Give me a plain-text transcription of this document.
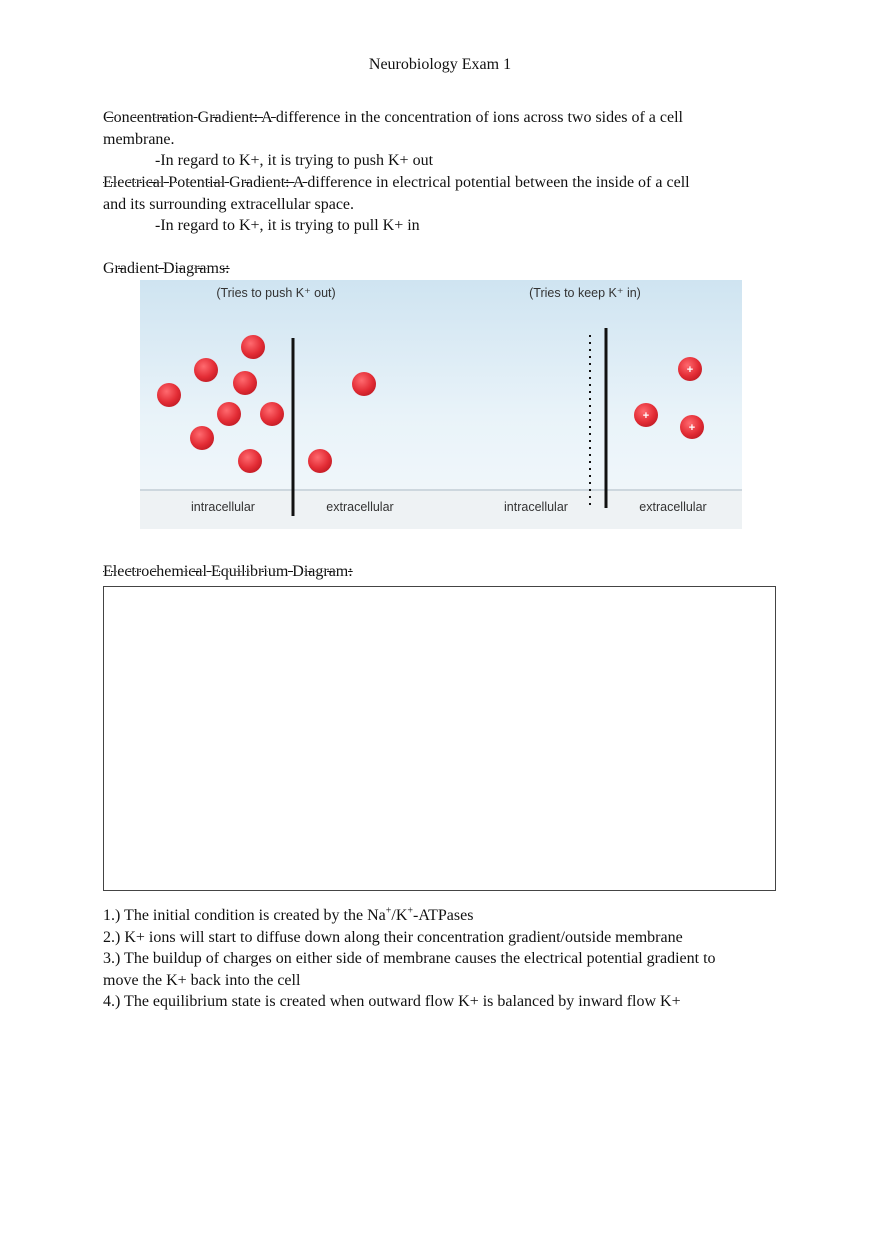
Neurobiology Exam 1
Concentration Gradient: A difference in the concentration of ions across two sides of a cell
membrane.
-In regard to K+, it is trying to push K+ out
Electrical Potential Gradient: A difference in electrical potential between the inside of a cell
and its surrounding extracellular space.
-In regard to K+, it is trying to pull K+ in
Gradient Diagrams:
(Tries to push K⁺ out)	(Tries to keep K⁺ in)
+
+
+
intracellular	extracellular	intracellular	extracellular
Electrochemical Equilibrium Diagram:
1.) The initial condition is created by the Na+/K+-ATPases
2.) K+ ions will start to diffuse down along their concentration gradient/outside membrane
3.) The buildup of charges on either side of membrane causes the electrical potential gradient to
move the K+ back into the cell
4.) The equilibrium state is created when outward flow K+ is balanced by inward flow K+
